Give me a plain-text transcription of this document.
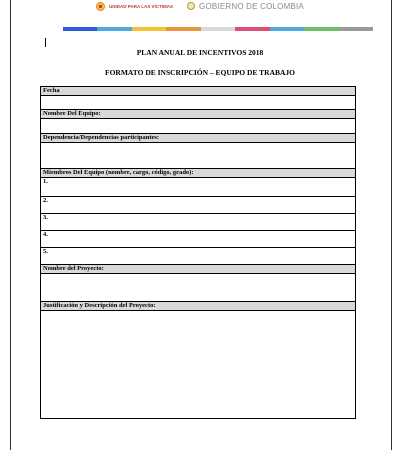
UNIDAD PARA LAS VÍCTIMAS	GOBIERNO DE COLOMBIA
PLAN ANUAL DE INCENTIVOS 2018
FORMATO DE INSCRIPCIÓN – EQUIPO DE TRABAJO
Fecha
Nombre Del Equipo:
Dependencia/Dependencias participantes:
Miembros Del Equipo (nombre, cargo, código, grado):
1.
2.
3.
4.
5.
Nombre del Proyecto:
Justificación y Descripción del Proyecto:
